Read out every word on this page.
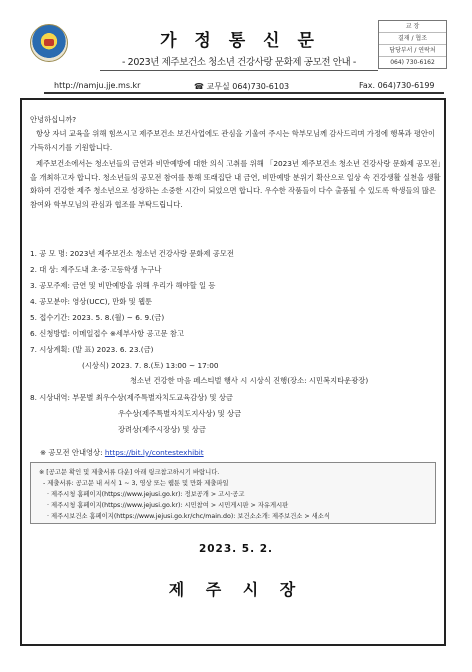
가 정 통 신 문
- 2023년 제주보건소 청소년 건강사랑 문화제 공모전 안내 -
교 장
결재 / 협조
담당부서 / 연락처
064) 730-6162
http://namju.jje.ms.kr	☎ 교무실 064)730-6103	Fax. 064)730-6199
안녕하십니까?
항상 자녀 교육을 위해 힘쓰시고 제주보건소 보건사업에도 관심을 기울여 주시는 학부모님께 감사드리며 가정에 행복과 평안이 가득하시기를 기원합니다.
제주보건소에서는 청소년들의 금연과 비만예방에 대한 의식 고취를 위해 「2023년 제주보건소 청소년 건강사랑 문화제 공모전」을 개최하고자 합니다. 청소년들의 공모전 참여를 통해 또래집단 내 금연, 비만예방 분위기 확산으로 일상 속 건강생활 실천을 생활화하여 건강한 제주 청소년으로 성장하는 소중한 시간이 되었으면 합니다. 우수한 작품들이 다수 출품될 수 있도록 학생들의 많은 참여와 학부모님의 관심과 협조를 부탁드립니다.
1. 공 모 명: 2023년 제주보건소 청소년 건강사랑 문화제 공모전
2. 대 상: 제주도내 초·중·고등학생 누구나
3. 공모주제: 금연 및 비만예방을 위해 우리가 해야할 일 등
4. 공모분야: 영상(UCC), 만화 및 웹툰
5. 접수기간: 2023. 5. 8.(월) ~ 6. 9.(금)
6. 신청방법: 이메일접수 ※세부사항 공고문 참고
7. 시상계획: (발 표) 2023. 6. 23.(금)
(시상식) 2023. 7. 8.(토) 13:00 ~ 17:00
청소년 건강한 마음 페스티벌 행사 시 시상식 진행(장소: 시민복지타운광장)
8. 시상내역: 부문별 최우수상(제주특별자치도교육감상) 및 상금
우수상(제주특별자치도지사상) 및 상금
장려상(제주시장상) 및 상금
※ 공모전 안내영상: https://bit.ly/contestexhibit
※ [공고문 확인 및 제출서류 다운] 아래 링크참고하시기 바랍니다.
- 제출서류: 공고문 내 서식 1 ~ 3, 영상 또는 웹툰 및 만화 제출파일
· 제주시청 홈페이지(https://www.jejusi.go.kr): 정보공개 > 고시·공고
· 제주시청 홈페이지(https://www.jejusi.go.kr): 시민참여 > 시민게시판 > 자유게시판
· 제주시보건소 홈페이지(https://www.jejusi.go.kr/chc/main.do): 보건소소개: 제주보건소 > 새소식
2023. 5. 2.
제 주 시 장
